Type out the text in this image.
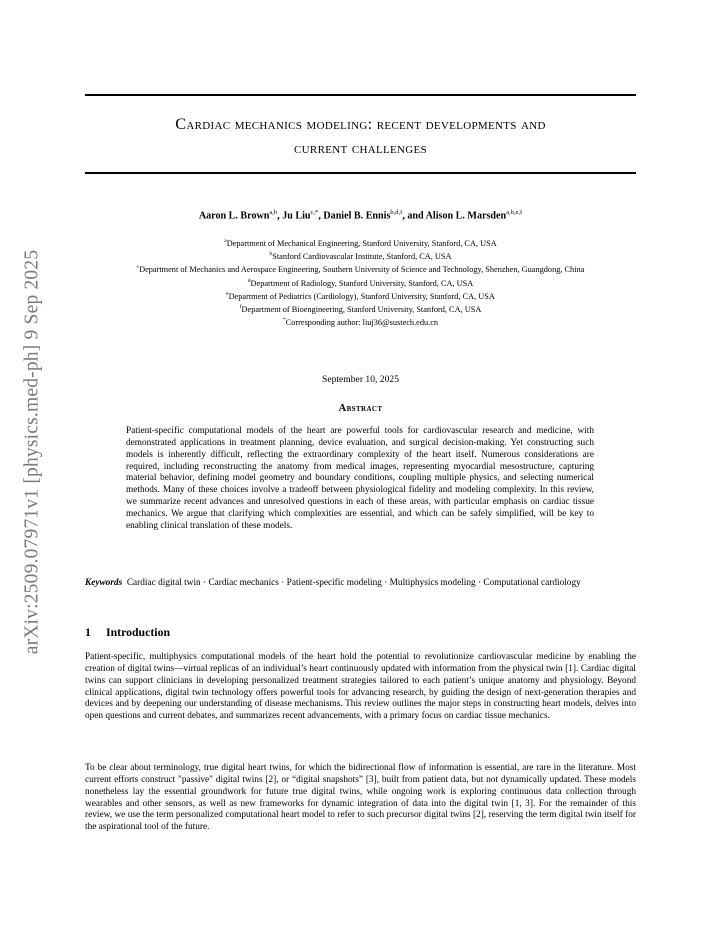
arXiv:2509.07971v1 [physics.med-ph] 9 Sep 2025
Cardiac mechanics modeling: recent developments and
current challenges
Aaron L. Brown$^{a,b}$, Ju Liu$^{c,*}$, Daniel B. Ennis$^{b,d,f}$, and Alison L. Marsden$^{a,b,e,f}$
$^a$Department of Mechanical Engineering, Stanford University, Stanford, CA, USA
$^b$Stanford Cardiovascular Institute, Stanford, CA, USA
$^c$Department of Mechanics and Aerospace Engineering, Southern University of Science and Technology, Shenzhen, Guangdong, China
$^d$Department of Radiology, Stanford University, Stanford, CA, USA
$^e$Department of Pediatrics (Cardiology), Stanford University, Stanford, CA, USA
$^f$Department of Bioengineering, Stanford University, Stanford, CA, USA
*Corresponding author: liuj36@sustech.edu.cn
September 10, 2025
Abstract

Patient-specific computational models of the heart are powerful tools for cardiovascular research and medicine, with demonstrated applications in treatment planning, device evaluation, and surgical decision-making. Yet constructing such models is inherently difficult, reflecting the extraordinary complexity of the heart itself. Numerous considerations are required, including reconstructing the anatomy from medical images, representing myocardial mesostructure, capturing material behavior, defining model geometry and boundary conditions, coupling multiple physics, and selecting numerical methods. Many of these choices involve a tradeoff between physiological fidelity and modeling complexity. In this review, we summarize recent advances and unresolved questions in each of these areas, with particular emphasis on cardiac tissue mechanics. We argue that clarifying which complexities are essential, and which can be safely simplified, will be key to enabling clinical translation of these models.

Keywords Cardiac digital twin · Cardiac mechanics · Patient-specific modeling · Multiphysics modeling · Computational cardiology

1 Introduction

Patient-specific, multiphysics computational models of the heart hold the potential to revolutionize cardiovascular medicine by enabling the creation of digital twins—virtual replicas of an individual’s heart continuously updated with information from the physical twin [1]. Cardiac digital twins can support clinicians in developing personalized treatment strategies tailored to each patient’s unique anatomy and physiology. Beyond clinical applications, digital twin technology offers powerful tools for advancing research, by guiding the design of next-generation therapies and devices and by deepening our understanding of disease mechanisms. This review outlines the major steps in constructing heart models, delves into open questions and current debates, and summarizes recent advancements, with a primary focus on cardiac tissue mechanics.

To be clear about terminology, true digital heart twins, for which the bidirectional flow of information is essential, are rare in the literature. Most current efforts construct "passive" digital twins [2], or “digital snapshots” [3], built from patient data, but not dynamically updated. These models nonetheless lay the essential groundwork for future true digital twins, while ongoing work is exploring continuous data collection through wearables and other sensors, as well as new frameworks for dynamic integration of data into the digital twin [1, 3]. For the remainder of this review, we use the term personalized computational heart model to refer to such precursor digital twins [2], reserving the term digital twin itself for the aspirational tool of the future.
